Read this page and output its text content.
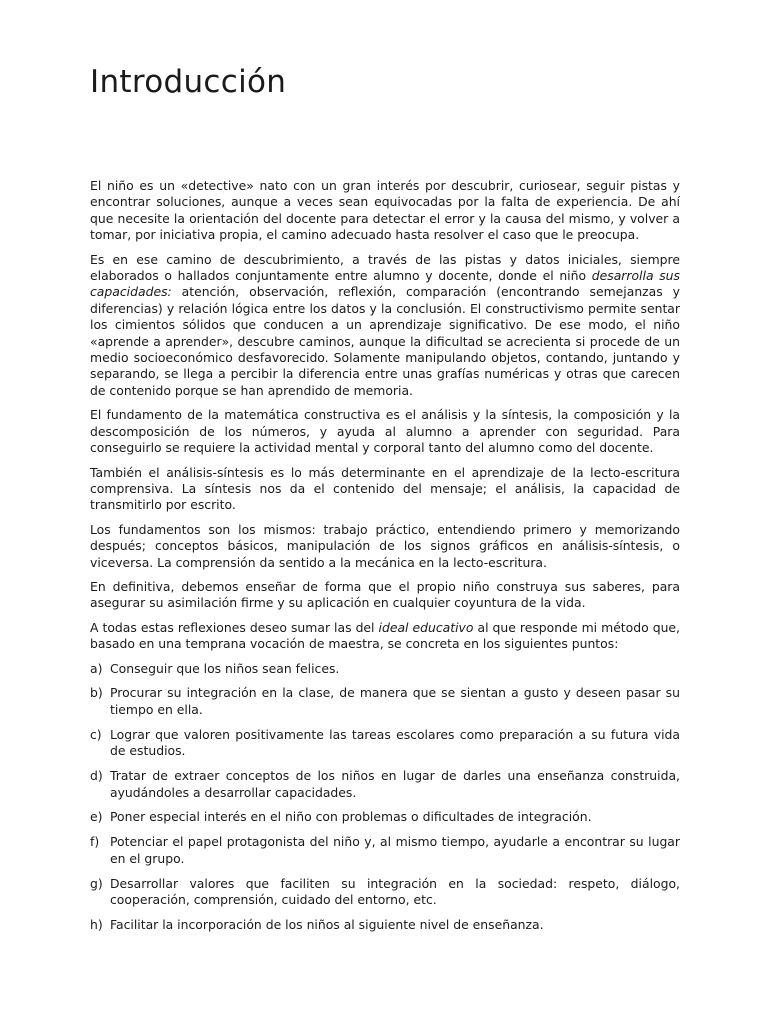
Introducción

El niño es un «detective» nato con un gran interés por descubrir, curiosear, seguir pistas y encontrar soluciones, aunque a veces sean equivocadas por la falta de experiencia. De ahí que necesite la orientación del docente para detectar el error y la causa del mismo, y volver a tomar, por iniciativa propia, el camino adecuado hasta resolver el caso que le preocupa.

Es en ese camino de descubrimiento, a través de las pistas y datos iniciales, siempre elaborados o hallados conjuntamente entre alumno y docente, donde el niño desarrolla sus capacidades: atención, observación, reflexión, comparación (encontrando semejanzas y diferencias) y relación lógica entre los datos y la conclusión. El constructivismo permite sentar los cimientos sólidos que conducen a un aprendizaje significativo. De ese modo, el niño «aprende a aprender», descubre caminos, aunque la dificultad se acrecienta si procede de un medio socioeconómico desfavorecido. Solamente manipulando objetos, contando, juntando y separando, se llega a percibir la diferencia entre unas grafías numéricas y otras que carecen de contenido porque se han aprendido de memoria.

El fundamento de la matemática constructiva es el análisis y la síntesis, la composición y la descomposición de los números, y ayuda al alumno a aprender con seguridad. Para conseguirlo se requiere la actividad mental y corporal tanto del alumno como del docente.

También el análisis-síntesis es lo más determinante en el aprendizaje de la lecto-escritura comprensiva. La síntesis nos da el contenido del mensaje; el análisis, la capacidad de transmitirlo por escrito.

Los fundamentos son los mismos: trabajo práctico, entendiendo primero y memorizando después; conceptos básicos, manipulación de los signos gráficos en análisis-síntesis, o viceversa. La comprensión da sentido a la mecánica en la lecto-escritura.

En definitiva, debemos enseñar de forma que el propio niño construya sus saberes, para asegurar su asimilación firme y su aplicación en cualquier coyuntura de la vida.

A todas estas reflexiones deseo sumar las del ideal educativo al que responde mi método que, basado en una temprana vocación de maestra, se concreta en los siguientes puntos:

a) Conseguir que los niños sean felices.
b) Procurar su integración en la clase, de manera que se sientan a gusto y deseen pasar su tiempo en ella.
c) Lograr que valoren positivamente las tareas escolares como preparación a su futura vida de estudios.
d) Tratar de extraer conceptos de los niños en lugar de darles una enseñanza construida, ayudándoles a desarrollar capacidades.
e) Poner especial interés en el niño con problemas o dificultades de integración.
f) Potenciar el papel protagonista del niño y, al mismo tiempo, ayudarle a encontrar su lugar en el grupo.
g) Desarrollar valores que faciliten su integración en la sociedad: respeto, diálogo, cooperación, comprensión, cuidado del entorno, etc.
h) Facilitar la incorporación de los niños al siguiente nivel de enseñanza.
